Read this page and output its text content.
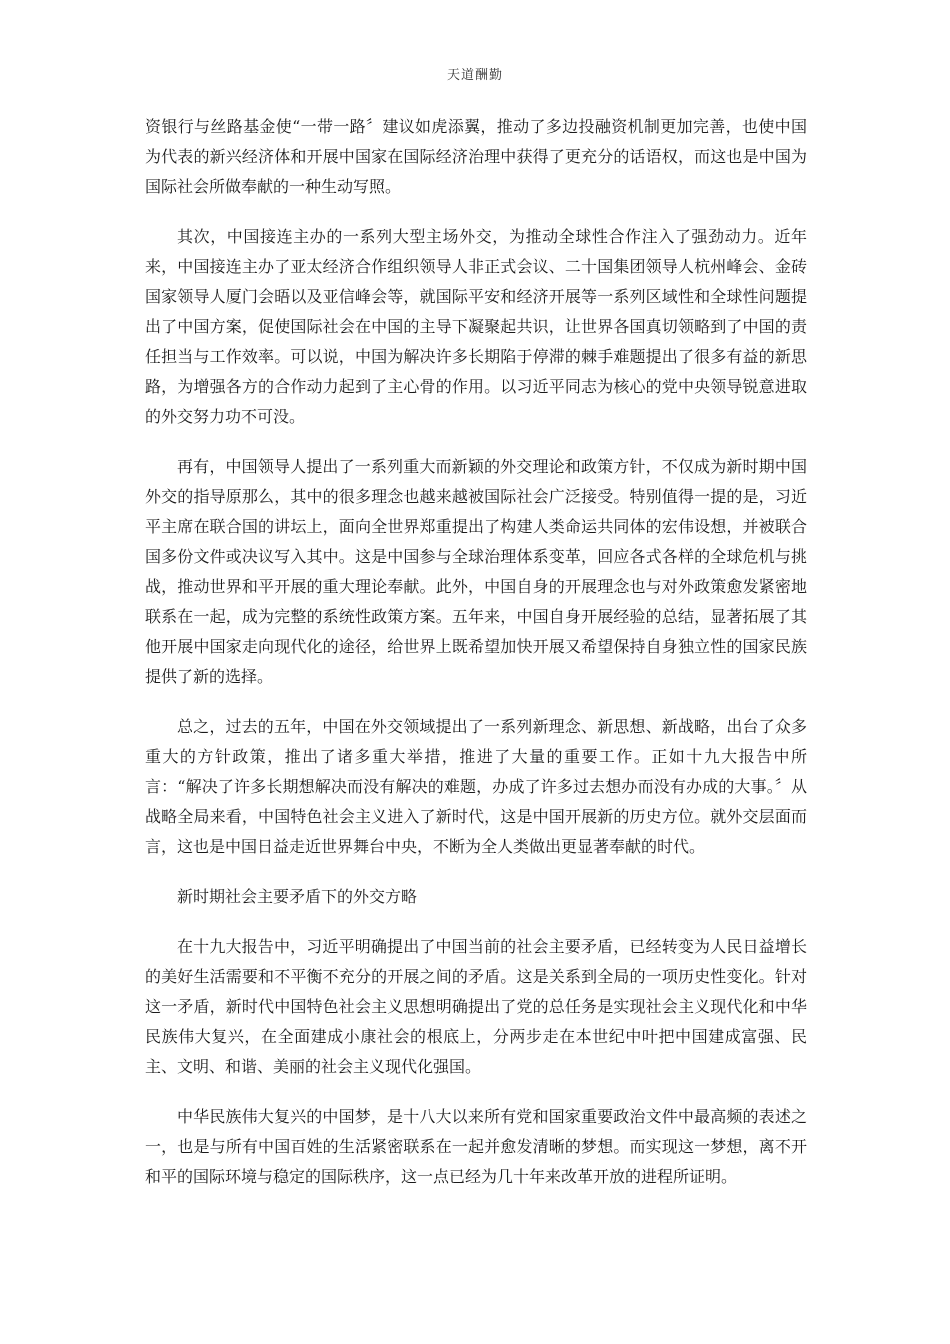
天道酬勤

资银行与丝路基金使“一带一路〞建议如虎添翼，推动了多边投融资机制更加完善，也使中国为代表的新兴经济体和开展中国家在国际经济治理中获得了更充分的话语权，而这也是中国为国际社会所做奉献的一种生动写照。

其次，中国接连主办的一系列大型主场外交，为推动全球性合作注入了强劲动力。近年来，中国接连主办了亚太经济合作组织领导人非正式会议、二十国集团领导人杭州峰会、金砖国家领导人厦门会晤以及亚信峰会等，就国际平安和经济开展等一系列区域性和全球性问题提出了中国方案，促使国际社会在中国的主导下凝聚起共识，让世界各国真切领略到了中国的责任担当与工作效率。可以说，中国为解决许多长期陷于停滞的棘手难题提出了很多有益的新思路，为增强各方的合作动力起到了主心骨的作用。以习近平同志为核心的党中央领导锐意进取的外交努力功不可没。

再有，中国领导人提出了一系列重大而新颖的外交理论和政策方针，不仅成为新时期中国外交的指导原那么，其中的很多理念也越来越被国际社会广泛接受。特别值得一提的是，习近平主席在联合国的讲坛上，面向全世界郑重提出了构建人类命运共同体的宏伟设想，并被联合国多份文件或决议写入其中。这是中国参与全球治理体系变革，回应各式各样的全球危机与挑战，推动世界和平开展的重大理论奉献。此外，中国自身的开展理念也与对外政策愈发紧密地联系在一起，成为完整的系统性政策方案。五年来，中国自身开展经验的总结，显著拓展了其他开展中国家走向现代化的途径，给世界上既希望加快开展又希望保持自身独立性的国家民族提供了新的选择。

总之，过去的五年，中国在外交领域提出了一系列新理念、新思想、新战略，出台了众多重大的方针政策，推出了诸多重大举措，推进了大量的重要工作。正如十九大报告中所言：“解决了许多长期想解决而没有解决的难题，办成了许多过去想办而没有办成的大事。〞从战略全局来看，中国特色社会主义进入了新时代，这是中国开展新的历史方位。就外交层面而言，这也是中国日益走近世界舞台中央，不断为全人类做出更显著奉献的时代。

新时期社会主要矛盾下的外交方略

在十九大报告中，习近平明确提出了中国当前的社会主要矛盾，已经转变为人民日益增长的美好生活需要和不平衡不充分的开展之间的矛盾。这是关系到全局的一项历史性变化。针对这一矛盾，新时代中国特色社会主义思想明确提出了党的总任务是实现社会主义现代化和中华民族伟大复兴，在全面建成小康社会的根底上，分两步走在本世纪中叶把中国建成富强、民主、文明、和谐、美丽的社会主义现代化强国。

中华民族伟大复兴的中国梦，是十八大以来所有党和国家重要政治文件中最高频的表述之一，也是与所有中国百姓的生活紧密联系在一起并愈发清晰的梦想。而实现这一梦想，离不开和平的国际环境与稳定的国际秩序，这一点已经为几十年来改革开放的进程所证明。
